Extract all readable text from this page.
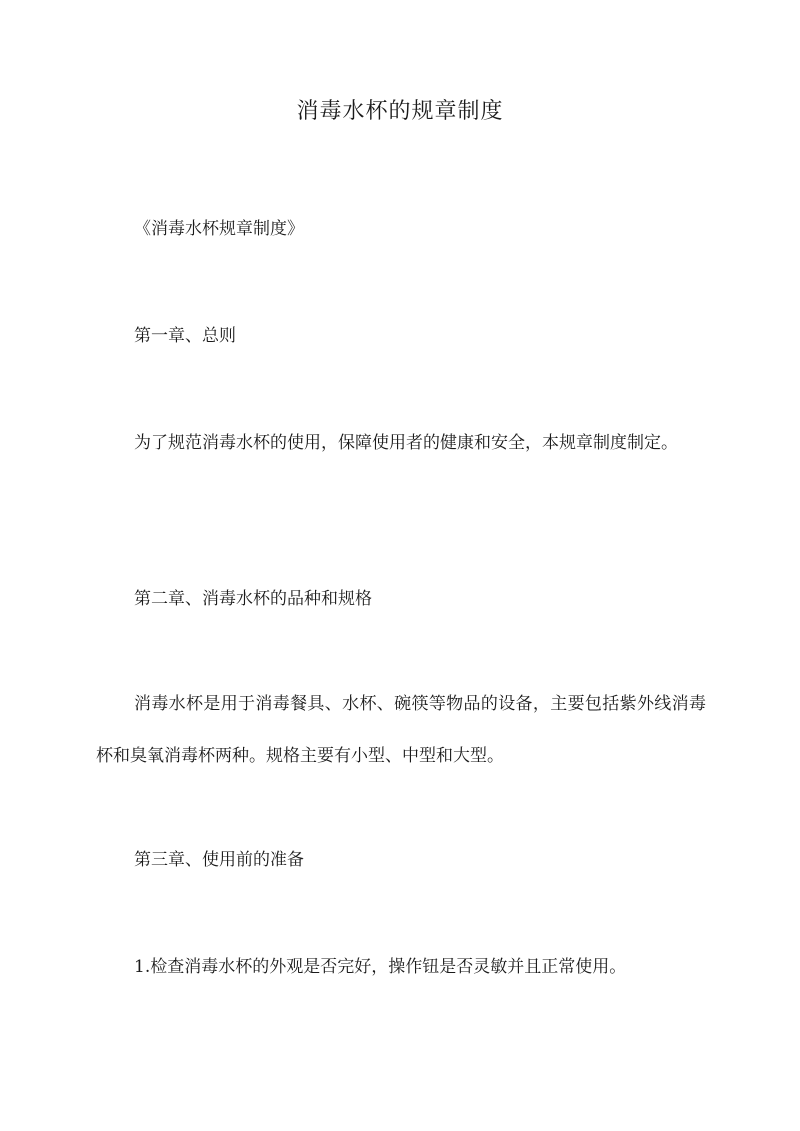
消毒水杯的规章制度

《消毒水杯规章制度》

第一章、总则

为了规范消毒水杯的使用，保障使用者的健康和安全，本规章制度制定。

第二章、消毒水杯的品种和规格

消毒水杯是用于消毒餐具、水杯、碗筷等物品的设备，主要包括紫外线消毒杯和臭氧消毒杯两种。规格主要有小型、中型和大型。

第三章、使用前的准备

1.检查消毒水杯的外观是否完好，操作钮是否灵敏并且正常使用。
